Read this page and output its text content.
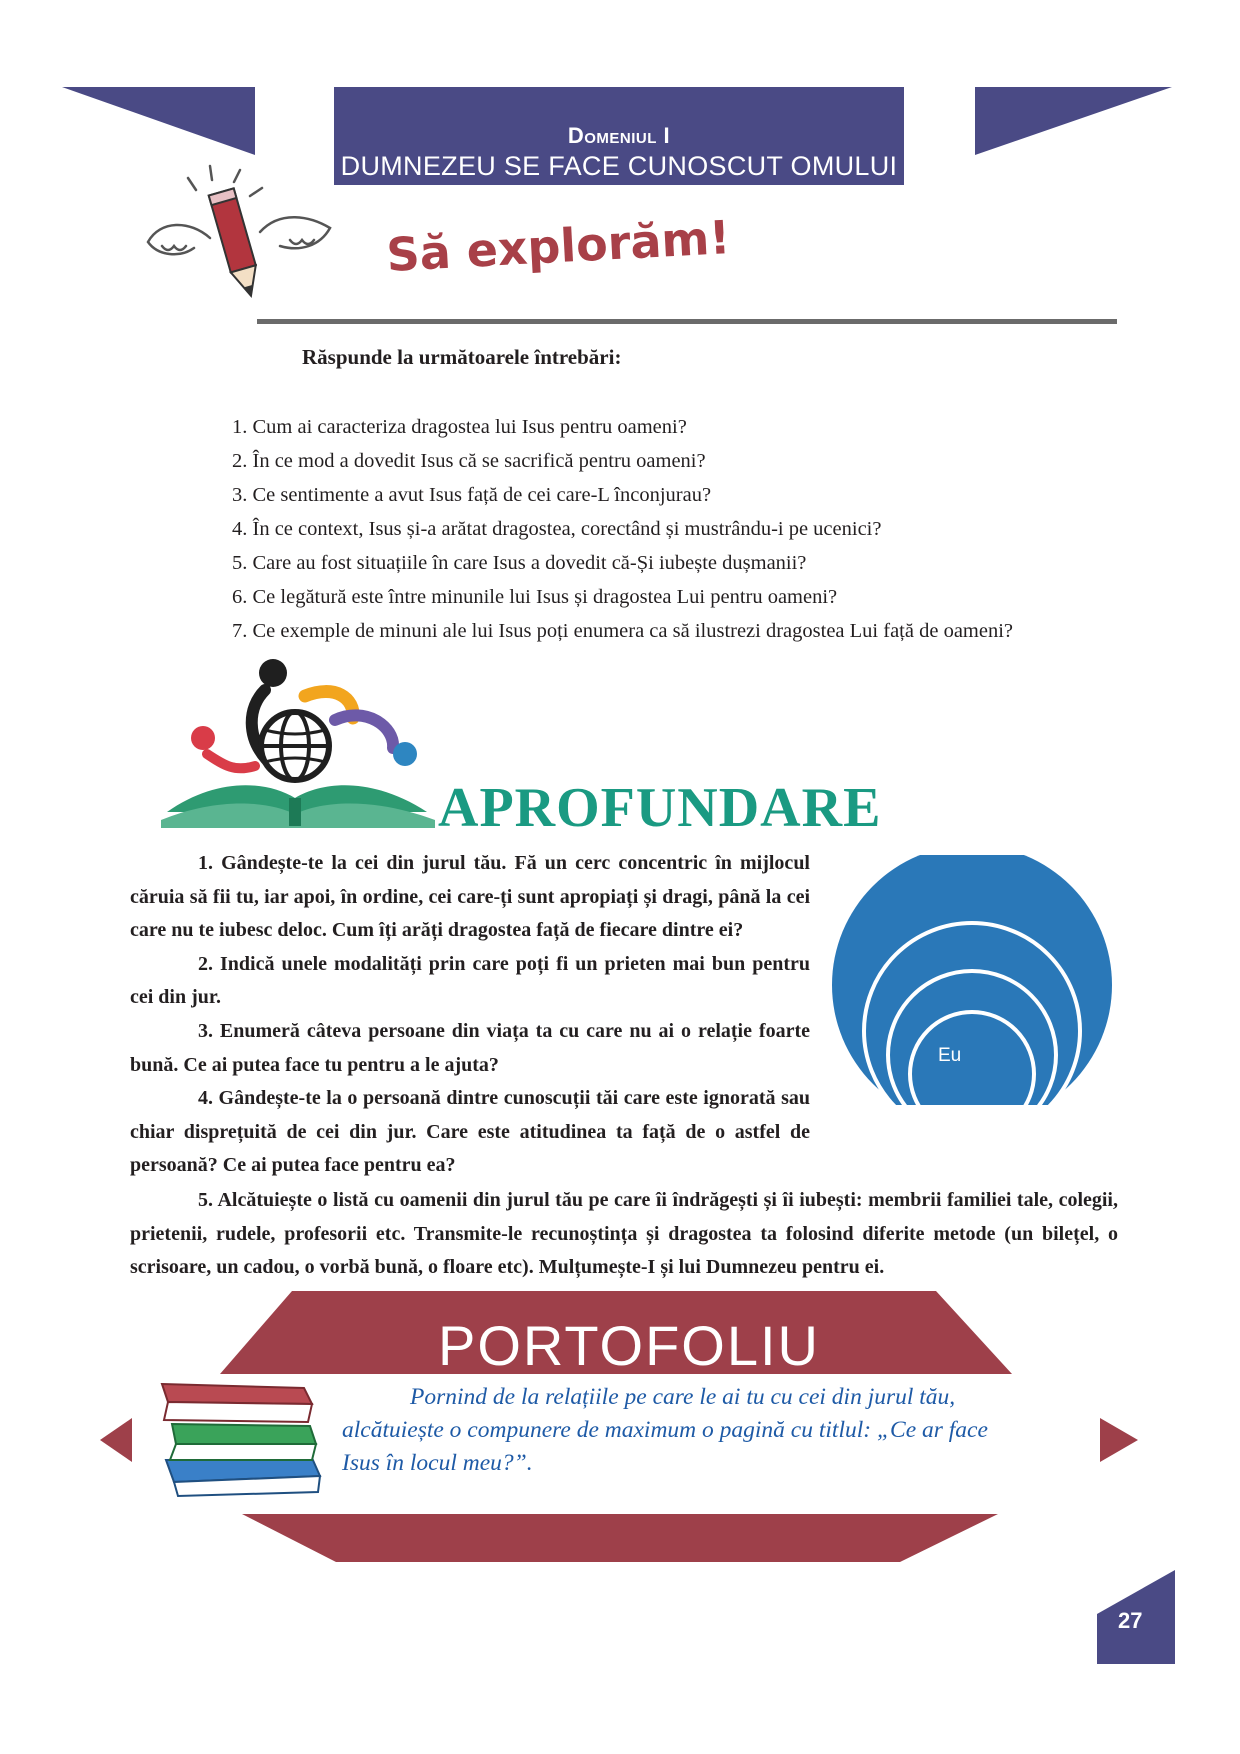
Domeniul I
DUMNEZEU SE FACE CUNOSCUT OMULUI
Să explorăm!
Răspunde la următoarele întrebări:
1. Cum ai caracteriza dragostea lui Isus pentru oameni?
2. În ce mod a dovedit Isus că se sacrifică pentru oameni?
3. Ce sentimente a avut Isus față de cei care-L înconjurau?
4. În ce context, Isus și-a arătat dragostea, corectând și mustrându-i pe ucenici?
5. Care au fost situațiile în care Isus a dovedit că-Și iubește dușmanii?
6. Ce legătură este între minunile lui Isus și dragostea Lui pentru oameni?
7. Ce exemple de minuni ale lui Isus poți enumera ca să ilustrezi dragostea Lui față de oameni?
APROFUNDARE

1. Gândește-te la cei din jurul tău. Fă un cerc concentric în mijlocul căruia să fii tu, iar apoi, în ordine, cei care-ți sunt apropiați și dragi, până la cei care nu te iubesc deloc. Cum îți arăți dragostea față de fiecare dintre ei?

2. Indică unele modalități prin care poți fi un prieten mai bun pentru cei din jur.

3. Enumeră câteva persoane din viața ta cu care nu ai o relație foarte bună. Ce ai putea face tu pentru a le ajuta?

4. Gândește-te la o persoană dintre cunoscuții tăi care este ignorată sau chiar disprețuită de cei din jur. Care este atitudinea ta față de o astfel de persoană? Ce ai putea face pentru ea?

5. Alcătuiește o listă cu oamenii din jurul tău pe care îi îndrăgești și îi iubești: membrii familiei tale, colegii, prietenii, rudele, profesorii etc. Transmite-le recunoștința și dragostea ta folosind diferite metode (un bilețel, o scrisoare, un cadou, o vorbă bună, o floare etc). Mulțumește-I și lui Dumnezeu pentru ei.

Eu
PORTOFOLIU
Pornind de la relațiile pe care le ai tu cu cei din jurul tău, alcătuiește o compunere de maximum o pagină cu titlul: „Ce ar face Isus în locul meu?”.
27
